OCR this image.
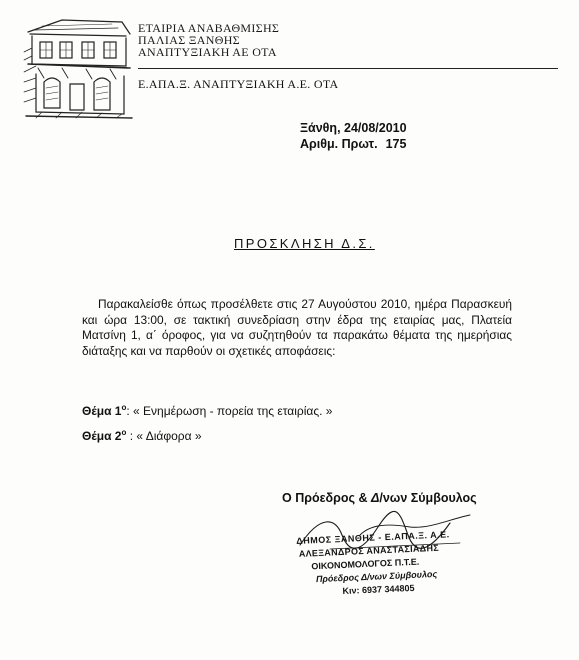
ΕΤΑΙΡΙΑ ΑΝΑΒΑΘΜΙΣΗΣ
ΠΑΛΙΑΣ ΞΑΝΘΗΣ
ΑΝΑΠΤΥΞΙΑΚΗ ΑΕ ΟΤΑ
Ε.ΑΠΑ.Ξ. ΑΝΑΠΤΥΞΙΑΚΗ Α.Ε. ΟΤΑ
Ξάνθη, 24/08/2010
Αριθμ. Πρωτ. 175
ΠΡΟΣΚΛΗΣΗ Δ.Σ.
Παρακαλείσθε όπως προσέλθετε στις 27 Αυγούστου 2010, ημέρα Παρασκευή και ώρα 13:00, σε τακτική συνεδρίαση στην έδρα της εταιρίας μας, Πλατεία Ματσίνη 1, α΄ όροφος, για να συζητηθούν τα παρακάτω θέματα της ημερήσιας διάταξης και να παρθούν οι σχετικές αποφάσεις:
Θέμα $1^o$: « Ενημέρωση - πορεία της εταιρίας. »
Θέμα $2^o$ : « Διάφορα »
Ο Πρόεδρος & Δ/νων Σύμβουλος
ΔΗΜΟΣ ΞΑΝΘΗΣ - Ε.ΑΠΑ.Ξ. Α.Ε.
ΑΛΕΞΑΝΔΡΟΣ ΑΝΑΣΤΑΣΙΑΔΗΣ
ΟΙΚΟΝΟΜΟΛΟΓΟΣ Π.Τ.Ε.
Πρόεδρος Δ/νων Σύμβουλος
Κιν: 6937 344805
